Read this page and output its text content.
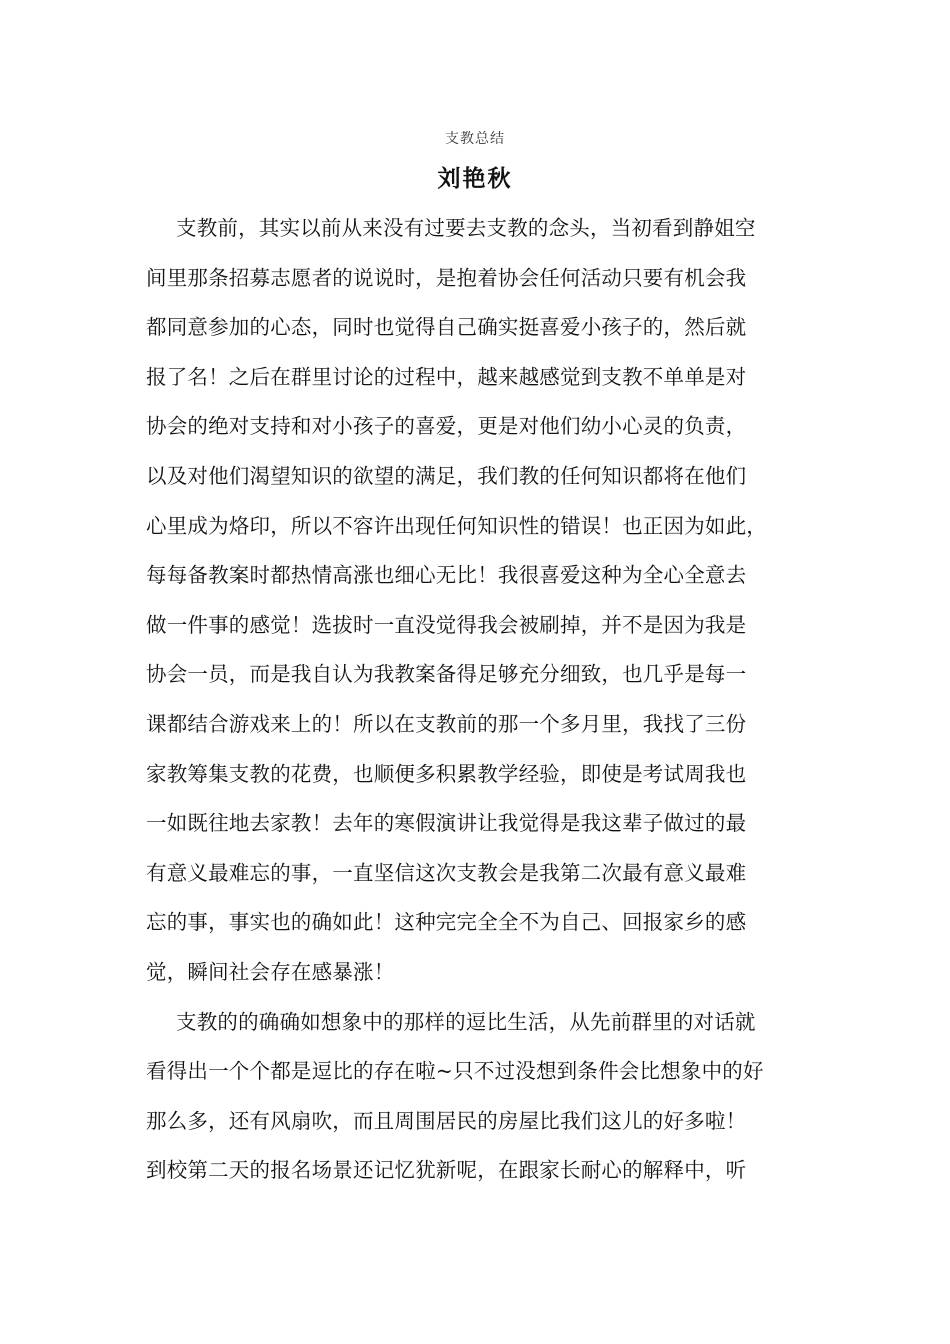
支教总结
刘艳秋
支教前，其实以前从来没有过要去支教的念头，当初看到静姐空
间里那条招募志愿者的说说时，是抱着协会任何活动只要有机会我
都同意参加的心态，同时也觉得自己确实挺喜爱小孩子的，然后就
报了名！之后在群里讨论的过程中，越来越感觉到支教不单单是对
协会的绝对支持和对小孩子的喜爱，更是对他们幼小心灵的负责，
以及对他们渴望知识的欲望的满足，我们教的任何知识都将在他们
心里成为烙印，所以不容许出现任何知识性的错误！也正因为如此，
每每备教案时都热情高涨也细心无比！我很喜爱这种为全心全意去
做一件事的感觉！选拔时一直没觉得我会被刷掉，并不是因为我是
协会一员，而是我自认为我教案备得足够充分细致，也几乎是每一
课都结合游戏来上的！所以在支教前的那一个多月里，我找了三份
家教筹集支教的花费，也顺便多积累教学经验，即使是考试周我也
一如既往地去家教！去年的寒假演讲让我觉得是我这辈子做过的最
有意义最难忘的事，一直坚信这次支教会是我第二次最有意义最难
忘的事，事实也的确如此！这种完完全全不为自己、回报家乡的感
觉，瞬间社会存在感暴涨！
支教的的确确如想象中的那样的逗比生活，从先前群里的对话就
看得出一个个都是逗比的存在啦~只不过没想到条件会比想象中的好
那么多，还有风扇吹，而且周围居民的房屋比我们这儿的好多啦！
到校第二天的报名场景还记忆犹新呢，在跟家长耐心的解释中，听
